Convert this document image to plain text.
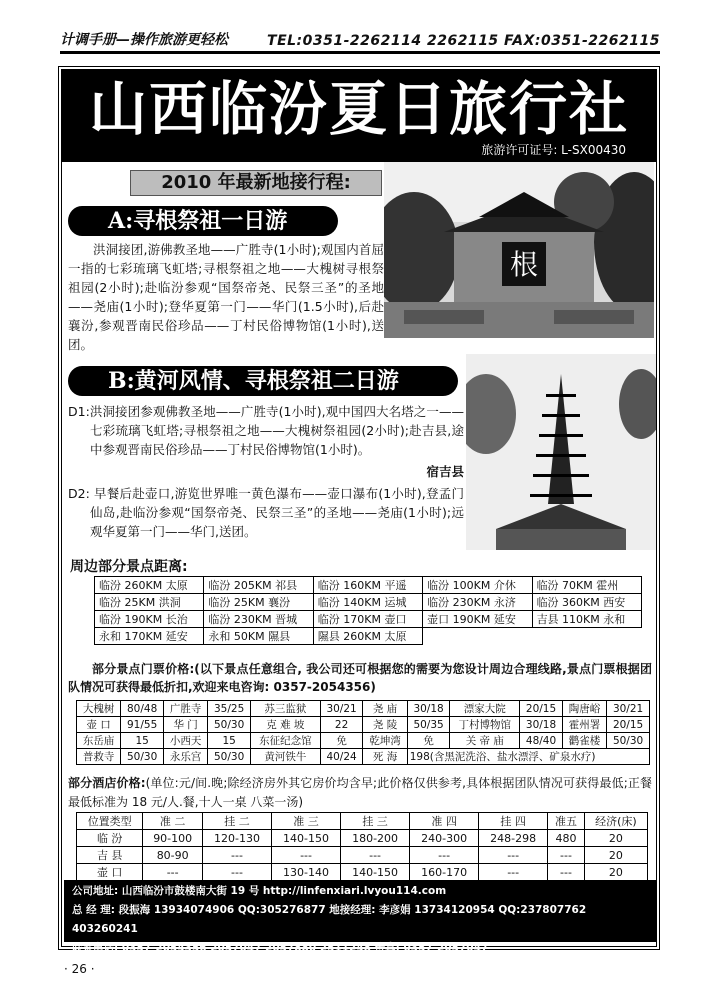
计调手册—操作旅游更轻松	TEL:0351-2262114 2262115 FAX:0351-2262115
山西临汾夏日旅行社
旅游许可证号: L-SX00430
2010 年最新地接行程:
根
A:寻根祭祖一日游
洪洞接团,游佛教圣地——广胜寺(1小时);观国内首屈一指的七彩琉璃飞虹塔;寻根祭祖之地——大槐树寻根祭祖园(2小时);赴临汾参观“国祭帝尧、民祭三圣”的圣地——尧庙(1小时);登华夏第一门——华门(1.5小时),后赴襄汾,参观晋南民俗珍品——丁村民俗博物馆(1小时),送团。
B:黄河风情、寻根祭祖二日游
D1:洪洞接团参观佛教圣地——广胜寺(1小时),观中国四大名塔之一——七彩琉璃飞虹塔;寻根祭祖之地——大槐树祭祖园(2小时);赴吉县,途中参观晋南民俗珍品——丁村民俗博物馆(1小时)。
宿吉县
D2: 早餐后赴壶口,游览世界唯一黄色瀑布——壶口瀑布(1小时),登孟门仙岛,赴临汾参观“国祭帝尧、民祭三圣”的圣地——尧庙(1小时);远观华夏第一门——华门,送团。
周边部分景点距离:
临汾 260KM 太原	临汾 205KM 祁县	临汾 160KM 平遥	临汾 100KM 介休	临汾 70KM 霍州
临汾 25KM 洪洞	临汾 25KM 襄汾	临汾 140KM 运城	临汾 230KM 永济	临汾 360KM 西安
临汾 190KM 长治	临汾 230KM 晋城	临汾 170KM 壶口	壶口 190KM 延安	吉县 110KM 永和
永和 170KM 延安	永和 50KM 隰县	隰县 260KM 太原		
部分景点门票价格:(以下景点任意组合, 我公司还可根据您的需要为您设计周边合理线路,景点门票根据团队情况可获得最低折扣,欢迎来电咨询: 0357-2054356)
大槐树	80/48	广胜寺	35/25	苏三监狱	30/21	尧 庙	30/18	漂家大院	20/15	陶唐峪	30/21
壶 口	91/55	华 门	50/30	克 难 坡	22	尧 陵	50/35	丁村博物馆	30/18	霍州署	20/15
东岳庙	15	小西天	15	东征纪念馆	免	乾坤湾	免	关 帝 庙	48/40	鹳雀楼	50/30
普救寺	50/30	永乐宫	50/30	黄河铁牛	40/24	死 海	198(含黑泥洗浴、盐水漂浮、矿泉水疗)				
部分酒店价格:(单位:元/间.晚;除经济房外其它房价均含早;此价格仅供参考,具体根据团队情况可获得最低;正餐最低标准为 18 元/人.餐,十人一桌 八菜一汤)
位置类型	准 二	挂 二	准 三	挂 三	准 四	挂 四	准五	经济(床)
临 汾	90-100	120-130	140-150	180-200	240-300	248-298	480	20
吉 县	80-90	---	---	---	---	---	---	20
壶 口	---	---	130-140	140-150	160-170	---	---	20
公司地址: 山西临汾市鼓楼南大街 19 号 http://linfenxiari.lvyou114.com
总 经 理: 段振海 13934074906 QQ:305276877 地接经理: 李彦娟 13734120954 QQ:237807762 403260241
联系电话: 0357-2054356 2057047 2057880 2511248 传真: 0357-2057047
· 26 ·
